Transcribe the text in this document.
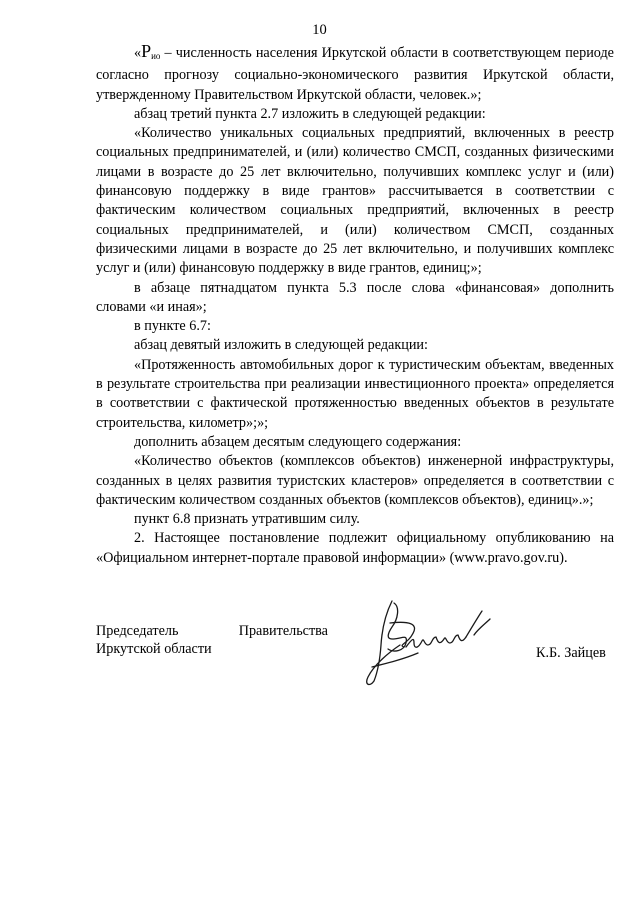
10

«$P_{ио}$ – численность населения Иркутской области в соответствующем периоде согласно прогнозу социально-экономического развития Иркутской области, утвержденному Правительством Иркутской области, человек.»;

абзац третий пункта 2.7 изложить в следующей редакции:

«Количество уникальных социальных предприятий, включенных в реестр социальных предпринимателей, и (или) количество СМСП, созданных физическими лицами в возрасте до 25 лет включительно, получивших комплекс услуг и (или) финансовую поддержку в виде грантов» рассчитывается в соответствии с фактическим количеством социальных предприятий, включенных в реестр социальных предпринимателей, и (или) количеством СМСП, созданных физическими лицами в возрасте до 25 лет включительно, и получивших комплекс услуг и (или) финансовую поддержку в виде грантов, единиц;»;

в абзаце пятнадцатом пункта 5.3 после слова «финансовая» дополнить словами «и иная»;

в пункте 6.7:

абзац девятый изложить в следующей редакции:

«Протяженность автомобильных дорог к туристическим объектам, введенных в результате строительства при реализации инвестиционного проекта» определяется в соответствии с фактической протяженностью введенных объектов в результате строительства, километр»;»;

дополнить абзацем десятым следующего содержания:

«Количество объектов (комплексов объектов) инженерной инфраструктуры, созданных в целях развития туристских кластеров» определяется в соответствии с фактическим количеством созданных объектов (комплексов объектов), единиц».»;

пункт 6.8 признать утратившим силу.

2. Настоящее постановление подлежит официальному опубликованию на «Официальном интернет-портале правовой информации» (www.pravo.gov.ru).

Председатель	Правительства
Иркутской области	К.Б. Зайцев
